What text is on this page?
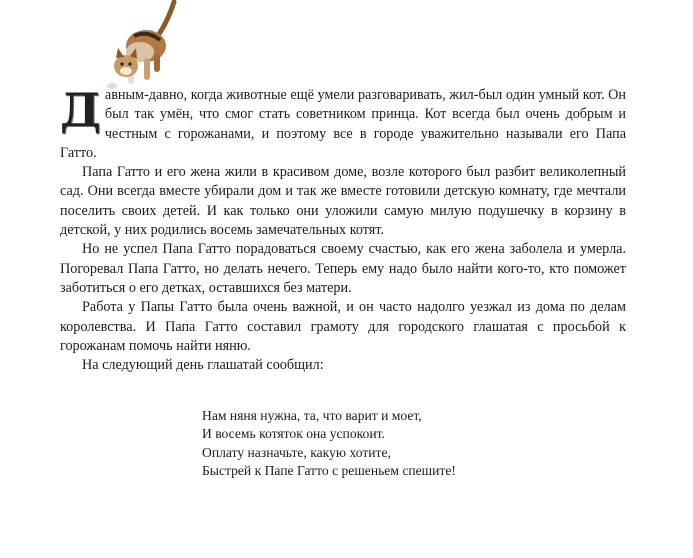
Давным-давно, когда животные ещё умели разговаривать, жил-был один умный кот. Он был так умён, что смог стать советником принца. Кот всегда был очень добрым и честным с горожанами, и поэтому все в городе уважительно называли его Папа Гатто.

Папа Гатто и его жена жили в красивом доме, возле которого был разбит великолепный сад. Они всегда вместе убирали дом и так же вместе готовили детскую комнату, где мечтали поселить своих детей. И как только они уложили самую милую подушечку в корзину в детской, у них родились восемь замечательных котят.

Но не успел Папа Гатто порадоваться своему счастью, как его жена заболела и умерла. Погоревал Папа Гатто, но делать нечего. Теперь ему надо было найти кого-то, кто поможет заботиться о его детках, оставшихся без матери.

Работа у Папы Гатто была очень важной, и он часто надолго уезжал из дома по делам королевства. И Папа Гатто составил грамоту для городского глашатая с просьбой к горожанам помочь найти няню.

На следующий день глашатай сообщил:

Нам няня нужна, та, что варит и моет,
И восемь котяток она успокоит.
Оплату назначьте, какую хотите,
Быстрей к Папе Гатто с решеньем спешите!
